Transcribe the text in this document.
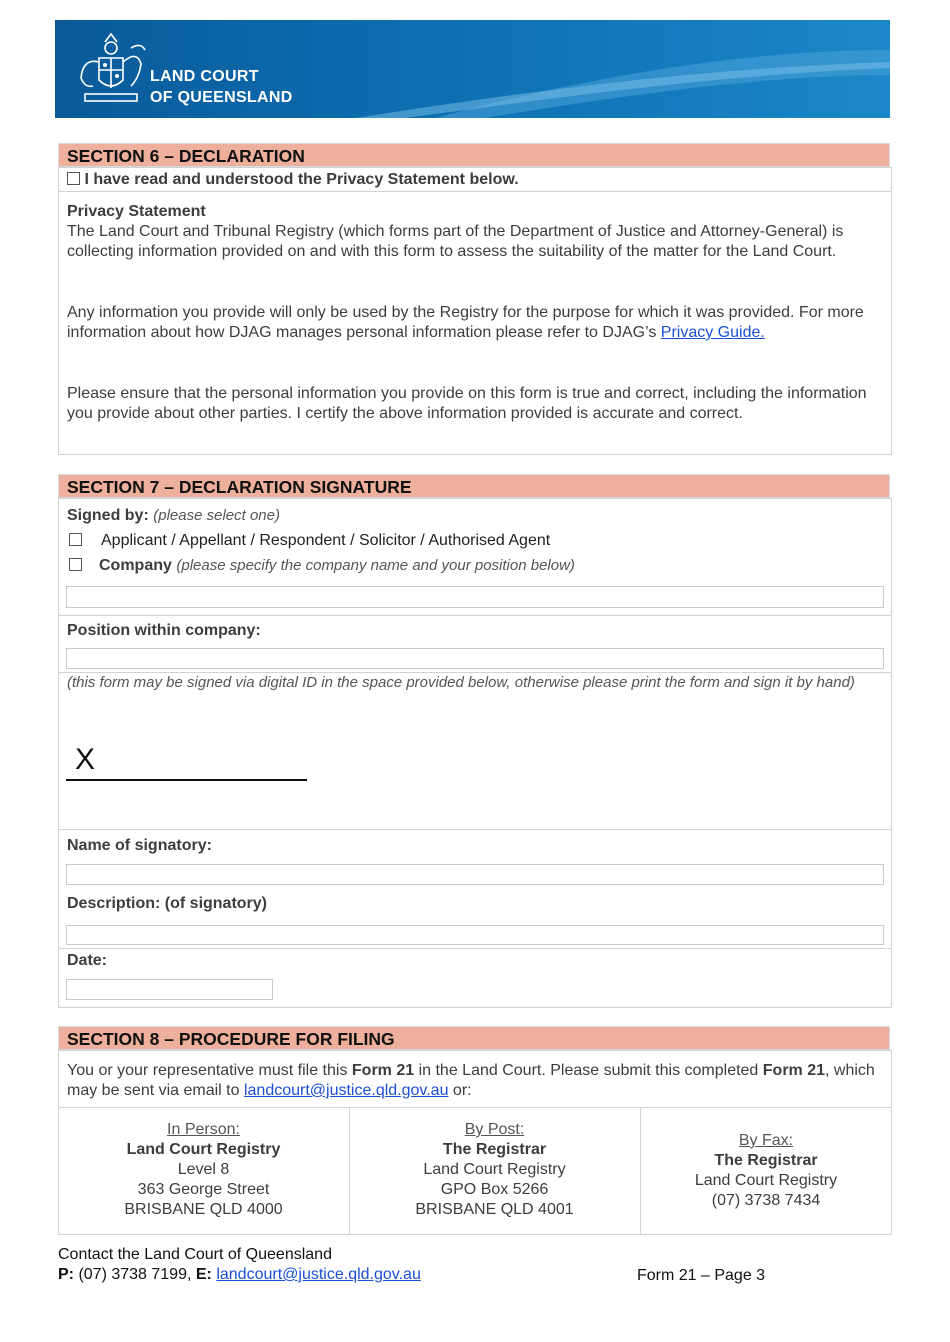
LAND COURT
OF QUEENSLAND
SECTION 6 – DECLARATION
I have read and understood the Privacy Statement below.
Privacy Statement
The Land Court and Tribunal Registry (which forms part of the Department of Justice and Attorney-General) is collecting information provided on and with this form to assess the suitability of the matter for the Land Court.
Any information you provide will only be used by the Registry for the purpose for which it was provided. For more information about how DJAG manages personal information please refer to DJAG’s Privacy Guide.
Please ensure that the personal information you provide on this form is true and correct, including the information you provide about other parties. I certify the above information provided is accurate and correct.
SECTION 7 – DECLARATION SIGNATURE
Signed by: (please select one)
Applicant / Appellant / Respondent / Solicitor / Authorised Agent
Company (please specify the company name and your position below)
Position within company:
(this form may be signed via digital ID in the space provided below, otherwise please print the form and sign it by hand)
X
Name of signatory:
Description: (of signatory)
Date:
SECTION 8 – PROCEDURE FOR FILING
You or your representative must file this Form 21 in the Land Court. Please submit this completed Form 21, which may be sent via email to landcourt@justice.qld.gov.au or:
In Person:
Land Court Registry
Level 8
363 George Street
BRISBANE QLD 4000
By Post:
The Registrar
Land Court Registry
GPO Box 5266
BRISBANE QLD 4001
By Fax:
The Registrar
Land Court Registry
(07) 3738 7434
Contact the Land Court of Queensland
P: (07) 3738 7199, E: landcourt@justice.qld.gov.au	Form 21 – Page 3
